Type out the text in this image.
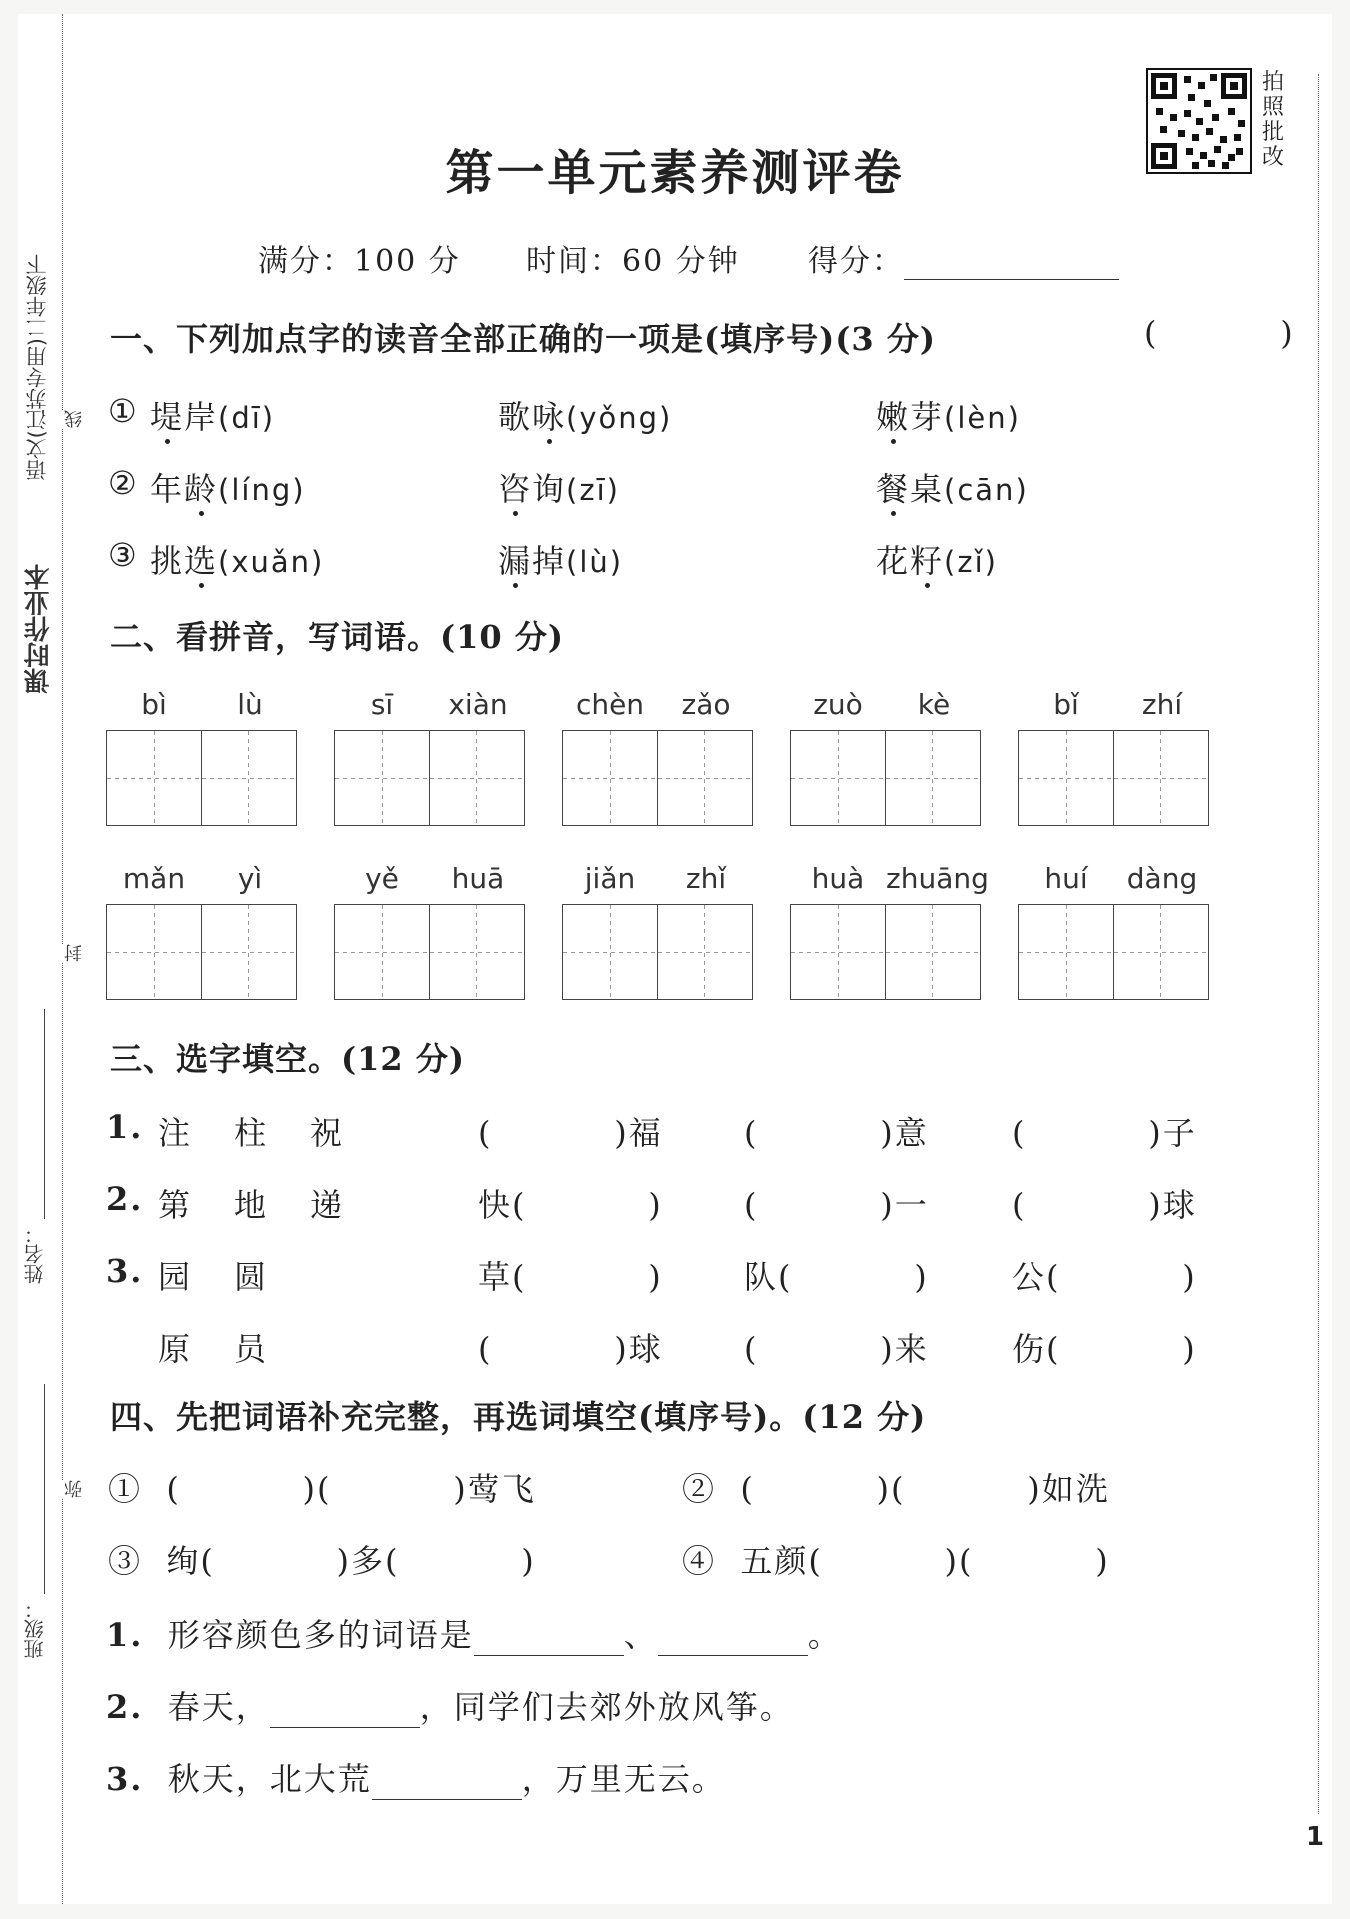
课时作业本
语文(江苏专用)二年级下
姓名：
班级：
线
封
弥
拍
照
批
改
第一单元素养测评卷
满分：100 分 时间：60 分钟 得分：
一、下列加点字的读音全部正确的一项是(填序号)(3 分)	(          )
① 堤岸(dī)	歌咏(yǒng)	嫩芽(lèn)
② 年龄(líng)	咨询(zī)	餐桌(cān)
③ 挑选(xuǎn)	漏掉(lù)	花籽(zǐ)
二、看拼音，写词语。(10 分)
bì	lù	sī	xiàn	chèn	zǎo	zuò	kè	bǐ	zhí
mǎn	yì	yě	huā	jiǎn	zhǐ	huà zhuāng	huí	dàng
三、选字填空。(12 分)
1. 注 柱 祝	(          )福	(          )意	(          )子
2. 第 地 递	快(          )	(          )一	(          )球
3. 园 圆	草(          )	队(          )	公(          )
原 员	(          )球	(          )来	伤(          )
四、先把词语补充完整，再选词填空(填序号)。(12 分)
①  (          )(          )莺飞	②  (          )(          )如洗
③  绚(          )多(          )	④  五颜(          )(          )
1. 形容颜色多的词语是	、	。
2. 春天，	，同学们去郊外放风筝。
3. 秋天，北大荒	，万里无云。
1
